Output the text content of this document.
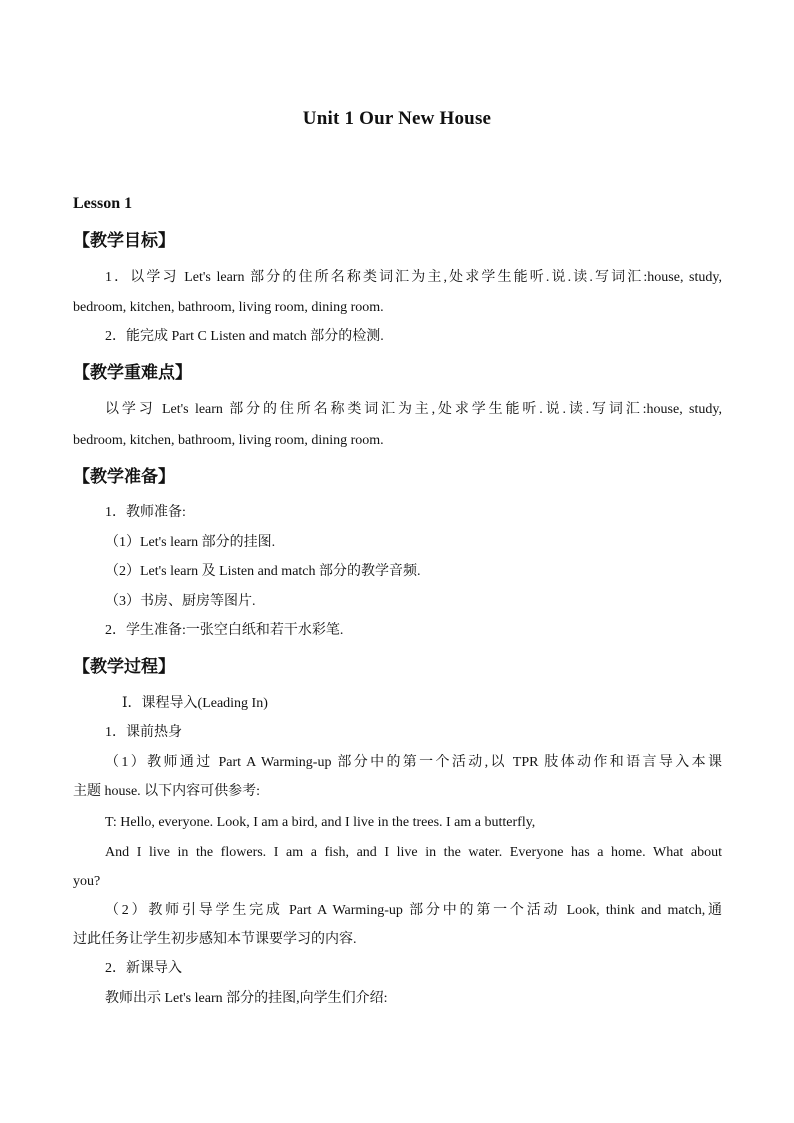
Unit 1 Our New House
Lesson 1
【教学目标】
1．以学习 Let's learn 部分的住所名称类词汇为主,处求学生能听.说.读.写词汇:house, study,
bedroom, kitchen, bathroom, living room, dining room.
2．能完成 Part C Listen and match 部分的检测.
【教学重难点】
以学习 Let's learn 部分的住所名称类词汇为主,处求学生能听.说.读.写词汇:house, study,
bedroom, kitchen, bathroom, living room, dining room.
【教学准备】
1．教师准备:
（1）Let's learn 部分的挂图.
（2）Let's learn 及 Listen and match 部分的教学音频.
（3）书房、厨房等图片.
2．学生准备:一张空白纸和若干水彩笔.
【教学过程】
Ⅰ．课程导入(Leading In)
1．课前热身
（1）教师通过 Part A Warming-up 部分中的第一个活动,以 TPR 肢体动作和语言导入本课
主题 house. 以下内容可供参考:
T: Hello, everyone. Look, I am a bird, and I live in the trees. I am a butterfly,
And I live in the flowers. I am a fish, and I live in the water. Everyone has a home. What about
you?
（2）教师引导学生完成 Part A Warming-up 部分中的第一个活动 Look, think and match,通
过此任务让学生初步感知本节课要学习的内容.
2．新课导入
教师出示 Let's learn 部分的挂图,向学生们介绍:
